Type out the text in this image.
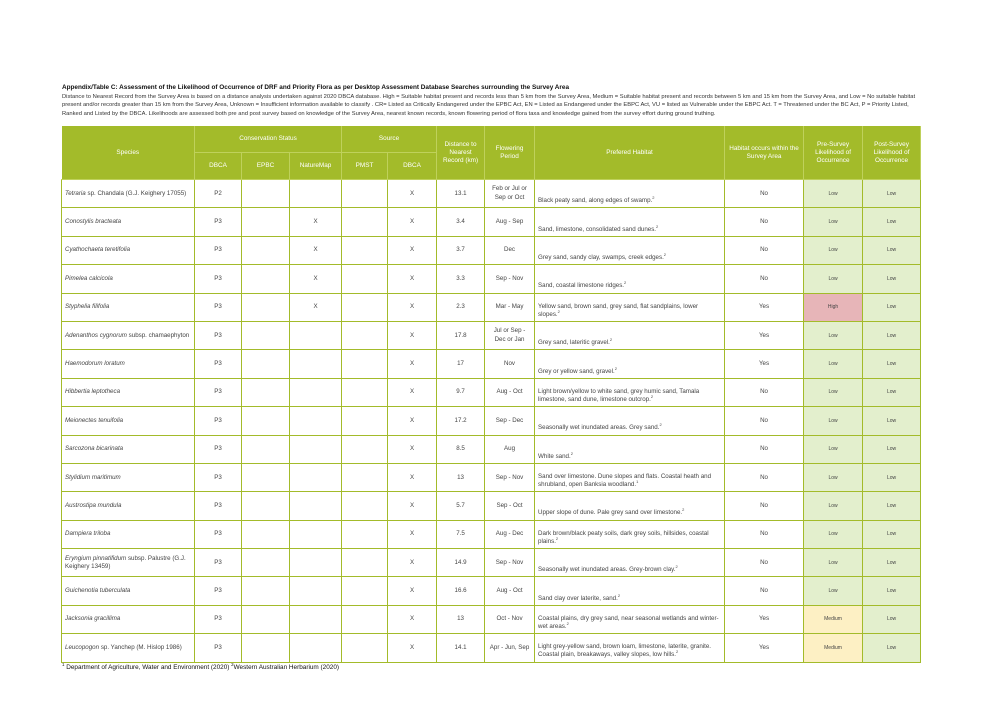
Appendix/Table C: Assessment of the Likelihood of Occurrence of DRF and Priority Flora as per Desktop Assessment Database Searches surrounding the Survey Area
Distance to Nearest Record from the Survey Area is based on a distance analysis undertaken against 2020 DBCA database. High = Suitable habitat present and records less than 5 km from the Survey Area, Medium = Suitable habitat present and records between 5 km and 15 km from the Survey Area, and Low = No suitable habitat present and/or records greater than 15 km from the Survey Area, Unknown = Insufficient information available to classify . CR= Listed as Critically Endangered under the EPBC Act, EN = Listed as Endangered under the EBPC Act, VU = listed as Vulnerable under the EBPC Act. T = Threatened under the BC Act, P = Priority Listed, Ranked and Listed by the DBCA. Likelihoods are assessed both pre and post survey based on knowledge of the Survey Area, nearest known records, known flowering period of flora taxa and knowledge gained from the survey effort during ground truthing.
Species	Conservation Status			Source		Distance to Nearest Record (km)	Flowering Period	Prefered Habitat	Habitat occurs within the Survey Area	Pre-Survey Likelihood of Occurrence	Post-Survey Likelihood of Occurrence
	DBCA	EPBC	NatureMap	PMST	DBCA						
Tetraria sp. Chandala (G.J. Keighery 17055)	P2				X	13.1	Feb or Jul or Sep or Oct	Black peaty sand, along edges of swamp.$^2$	No	Low	Low
Conostylis bracteata	P3		X		X	3.4	Aug - Sep	Sand, limestone, consolidated sand dunes.$^2$	No	Low	Low
Cyathochaeta teretifolia	P3		X		X	3.7	Dec	Grey sand, sandy clay, swamps, creek edges.$^2$	No	Low	Low
Pimelea calcicola	P3		X		X	3.3	Sep - Nov	Sand, coastal limestone ridges.$^2$	No	Low	Low
Styphelia filifolia	P3		X		X	2.3	Mar - May	Yellow sand, brown sand, grey sand, flat sandplains, lower slopes.$^2$	Yes	High	Low
Adenanthos cygnorum subsp. chamaephyton	P3				X	17.8	Jul or Sep - Dec or Jan	Grey sand, lateritic gravel.$^2$	Yes	Low	Low
Haemodorum loratum	P3				X	17	Nov	Grey or yellow sand, gravel.$^2$	Yes	Low	Low
Hibbertia leptotheca	P3				X	9.7	Aug - Oct	Light brown/yellow to white sand, grey humic sand, Tamala limestone, sand dune, limestone outcrop.$^2$	No	Low	Low
Meionectes tenuifolia	P3				X	17.2	Sep - Dec	Seasonally wet inundated areas. Grey sand.$^2$	No	Low	Low
Sarcozona bicarinata	P3				X	8.5	Aug	White sand.$^2$	No	Low	Low
Stylidium maritimum	P3				X	13	Sep - Nov	Sand over limestone. Dune slopes and flats. Coastal heath and shrubland, open Banksia woodland.$^1$	No	Low	Low
Austrostipa mundula	P3				X	5.7	Sep - Oct	Upper slope of dune. Pale grey sand over limestone.$^2$	No	Low	Low
Dampiera triloba	P3				X	7.5	Aug - Dec	Dark brown/black peaty soils, dark grey soils, hillsides, coastal plains.$^2$	No	Low	Low
Eryngium pinnatifidum subsp. Palustre (G.J. Keighery 13459)	P3				X	14.9	Sep - Nov	Seasonally wet inundated areas. Grey-brown clay.$^2$	No	Low	Low
Guichenotia tuberculata	P3				X	16.6	Aug - Oct	Sand clay over laterite, sand.$^2$	No	Low	Low
Jacksonia gracillima	P3				X	13	Oct - Nov	Coastal plains, dry grey sand, near seasonal wetlands and winter-wet areas.$^2$	Yes	Medium	Low
Leucopogon sp. Yanchep (M. Hislop 1986)	P3				X	14.1	Apr - Jun, Sep	Light grey-yellow sand, brown loam, limestone, laterite, granite. Coastal plain, breakaways, valley slopes, low hills.$^2$	Yes	Medium	Low
$^1$ Department of Agriculture, Water and Environment (2020) $^2$Western Australian Herbarium (2020)
